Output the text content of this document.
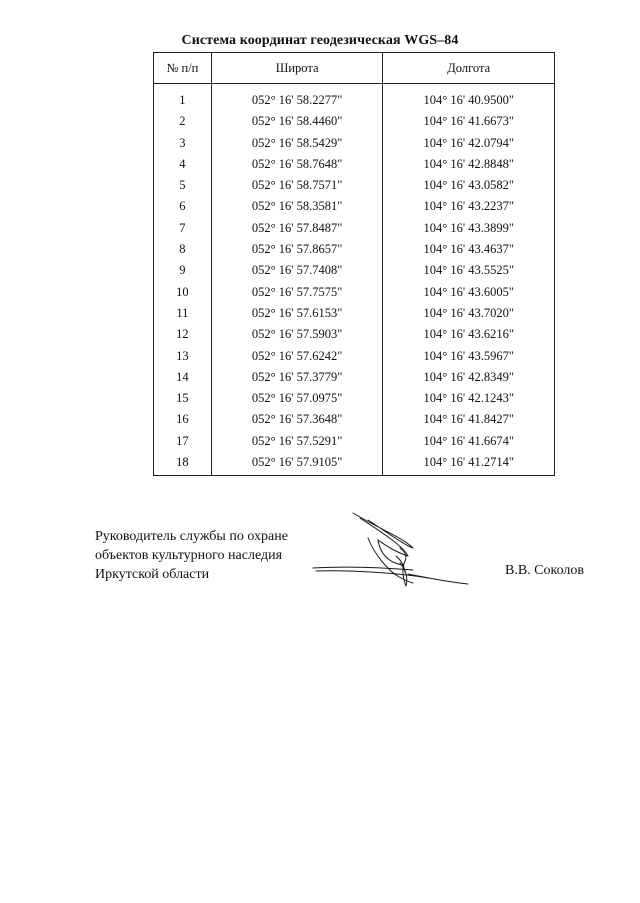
Система координат геодезическая WGS–84
№ п/п	Широта	Долгота
1	052° 16' 58.2277"	104° 16' 40.9500"
2	052° 16' 58.4460"	104° 16' 41.6673"
3	052° 16' 58.5429"	104° 16' 42.0794"
4	052° 16' 58.7648"	104° 16' 42.8848"
5	052° 16' 58.7571"	104° 16' 43.0582"
6	052° 16' 58.3581"	104° 16' 43.2237"
7	052° 16' 57.8487"	104° 16' 43.3899"
8	052° 16' 57.8657"	104° 16' 43.4637"
9	052° 16' 57.7408"	104° 16' 43.5525"
10	052° 16' 57.7575"	104° 16' 43.6005"
11	052° 16' 57.6153"	104° 16' 43.7020"
12	052° 16' 57.5903"	104° 16' 43.6216"
13	052° 16' 57.6242"	104° 16' 43.5967"
14	052° 16' 57.3779"	104° 16' 42.8349"
15	052° 16' 57.0975"	104° 16' 42.1243"
16	052° 16' 57.3648"	104° 16' 41.8427"
17	052° 16' 57.5291"	104° 16' 41.6674"
18	052° 16' 57.9105"	104° 16' 41.2714"
Руководитель службы по охране
объектов культурного наследия
Иркутской области	В.В. Соколов
